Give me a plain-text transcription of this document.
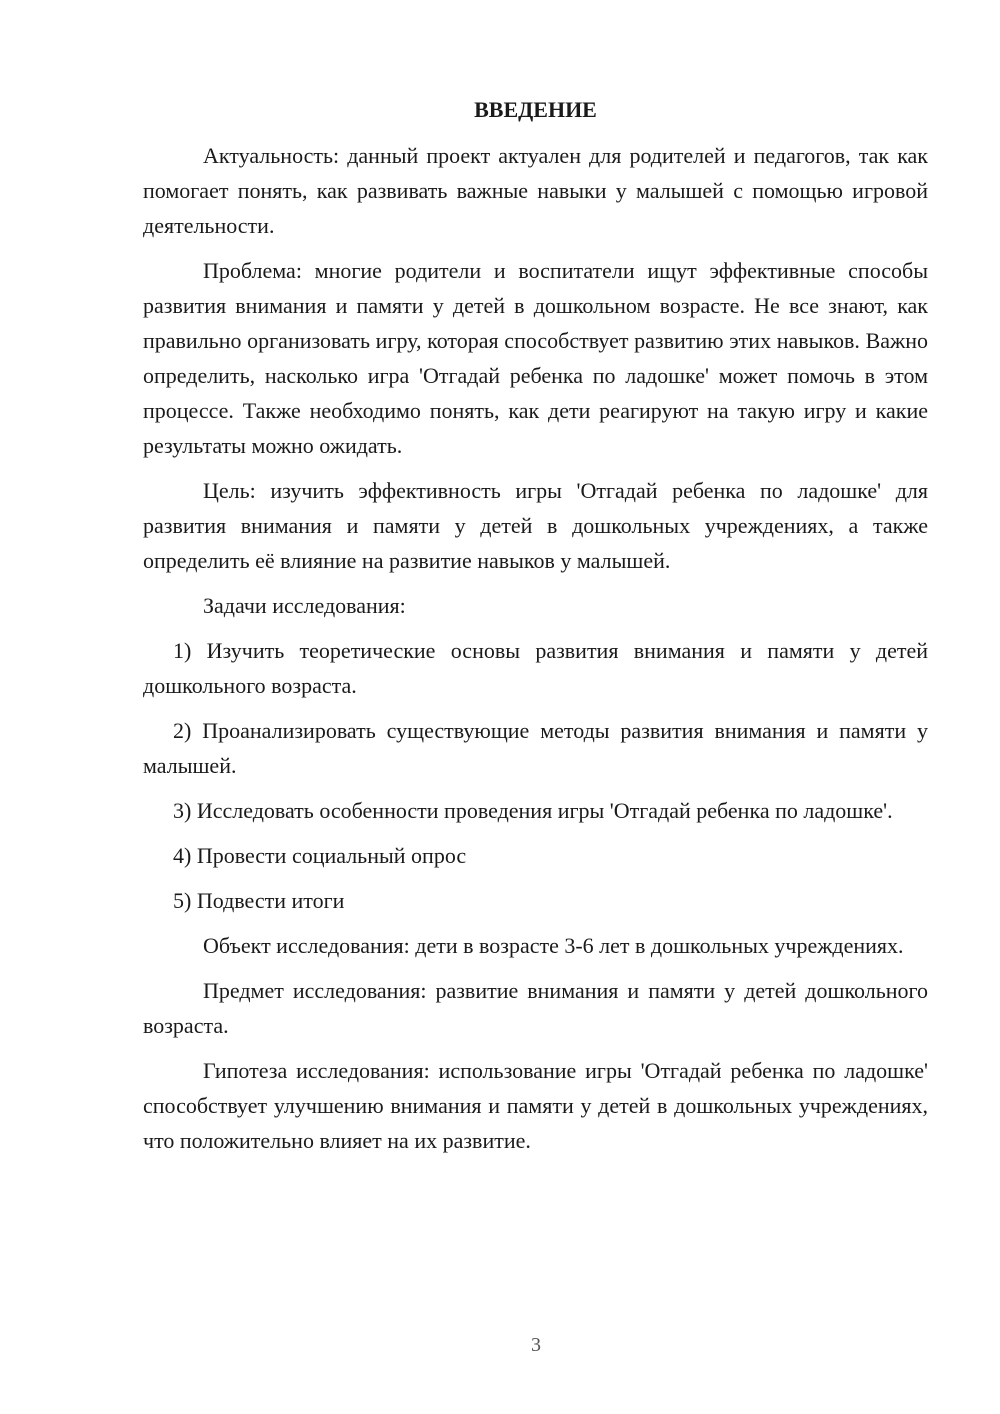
ВВЕДЕНИЕ

Актуальность: данный проект актуален для родителей и педагогов, так как помогает понять, как развивать важные навыки у малышей с помощью игровой деятельности.

Проблема: многие родители и воспитатели ищут эффективные способы развития внимания и памяти у детей в дошкольном возрасте. Не все знают, как правильно организовать игру, которая способствует развитию этих навыков. Важно определить, насколько игра 'Отгадай ребенка по ладошке' может помочь в этом процессе. Также необходимо понять, как дети реагируют на такую игру и какие результаты можно ожидать.

Цель: изучить эффективность игры 'Отгадай ребенка по ладошке' для развития внимания и памяти у детей в дошкольных учреждениях, а также определить её влияние на развитие навыков у малышей.

Задачи исследования:

1) Изучить теоретические основы развития внимания и памяти у детей дошкольного возраста.

2) Проанализировать существующие методы развития внимания и памяти у малышей.

3) Исследовать особенности проведения игры 'Отгадай ребенка по ладошке'.

4) Провести социальный опрос

5) Подвести итоги

Объект исследования: дети в возрасте 3-6 лет в дошкольных учреждениях.

Предмет исследования: развитие внимания и памяти у детей дошкольного возраста.

Гипотеза исследования: использование игры 'Отгадай ребенка по ладошке' способствует улучшению внимания и памяти у детей в дошкольных учреждениях, что положительно влияет на их развитие.

3
